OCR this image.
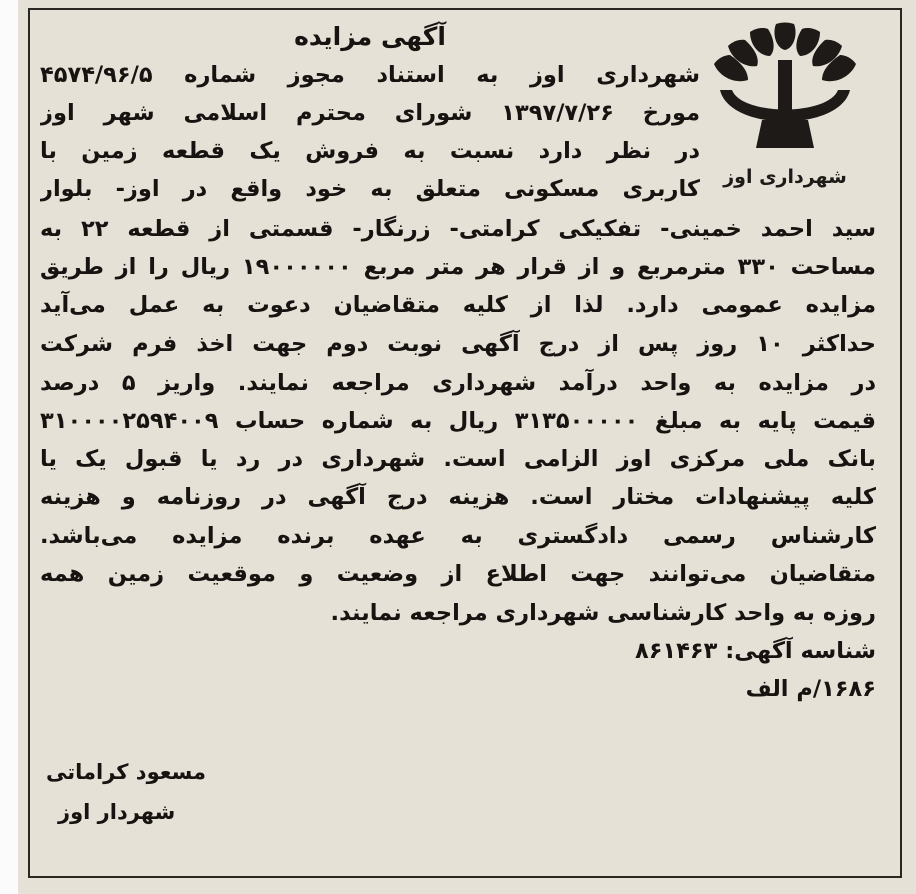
شهرداری اوز
آگهی مزایده
شهرداری اوز به استناد مجوز شماره ۴۵۷۴/۹۶/۵
مورخ ۱۳۹۷/۷/۲۶ شورای محترم اسلامی شهر اوز
در نظر دارد نسبت به فروش یک قطعه زمین با
کاربری مسکونی متعلق به خود واقع در اوز- بلوار
سید احمد خمینی- تفکیکی کرامتی- زرنگار- قسمتی از قطعه ۲۲ به
مساحت ۳۳۰ مترمربع و از قرار هر متر مربع ۱۹۰۰۰۰۰۰ ریال را از طریق
مزایده عمومی دارد. لذا از کلیه متقاضیان دعوت به عمل می‌آید
حداکثر ۱۰ روز پس از درج آگهی نوبت دوم جهت اخذ فرم شرکت
در مزایده به واحد درآمد شهرداری مراجعه نمایند. واریز ۵ درصد
قیمت پایه به مبلغ ۳۱۳۵۰۰۰۰۰ ریال به شماره حساب ۳۱۰۰۰۰۲۵۹۴۰۰۹
بانک ملی مرکزی اوز الزامی است. شهرداری در رد یا قبول یک یا
کلیه پیشنهادات مختار است. هزینه درج آگهی در روزنامه و هزینه
کارشناس رسمی دادگستری به عهده برنده مزایده می‌باشد.
متقاضیان می‌توانند جهت اطلاع از وضعیت و موقعیت زمین همه
روزه به واحد کارشناسی شهرداری مراجعه نمایند.
شناسه آگهی: ۸۶۱۴۶۳
۱۶۸۶/م الف
مسعود کراماتی
شهردار اوز
